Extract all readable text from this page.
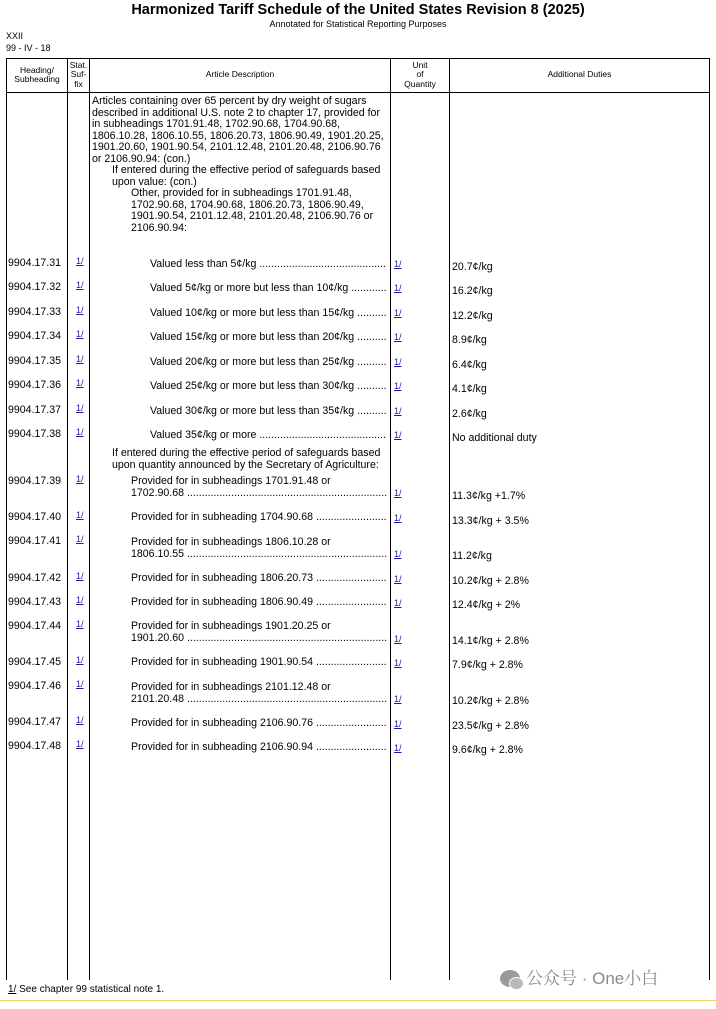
Harmonized Tariff Schedule of the United States Revision 8 (2025)
Annotated for Statistical Reporting Purposes
XXII
99 - IV - 18
Heading/
Subheading
Stat.
Suf-
fix
Article Description
Unit
of
Quantity
Additional Duties
Articles containing over 65 percent by dry weight of sugars
described in additional U.S. note 2 to chapter 17, provided for
in subheadings 1701.91.48, 1702.90.68, 1704.90.68,
1806.10.28, 1806.10.55, 1806.20.73, 1806.90.49, 1901.20.25,
1901.20.60, 1901.90.54, 2101.12.48, 2101.20.48, 2106.90.76
or 2106.90.94: (con.)
If entered during the effective period of safeguards based
upon value: (con.)
Other, provided for in subheadings 1701.91.48,
1702.90.68, 1704.90.68, 1806.20.73, 1806.90.49,
1901.90.54, 2101.12.48, 2101.20.48, 2106.90.76 or
2106.90.94:
9904.17.31 1/	Valued less than 5¢/kg .....	1/	20.7¢/kg
9904.17.32 1/	Valued 5¢/kg or more but less than 10¢/kg .....	1/	16.2¢/kg
9904.17.33 1/	Valued 10¢/kg or more but less than 15¢/kg .....	1/	12.2¢/kg
9904.17.34 1/	Valued 15¢/kg or more but less than 20¢/kg .....	1/	8.9¢/kg
9904.17.35 1/	Valued 20¢/kg or more but less than 25¢/kg .....	1/	6.4¢/kg
9904.17.36 1/	Valued 25¢/kg or more but less than 30¢/kg .....	1/	4.1¢/kg
9904.17.37 1/	Valued 30¢/kg or more but less than 35¢/kg .....	1/	2.6¢/kg
9904.17.38 1/	Valued 35¢/kg or more .....	1/	No additional duty
If entered during the effective period of safeguards based
upon quantity announced by the Secretary of Agriculture:
9904.17.39 1/	Provided for in subheadings 1701.91.48 or
1702.90.68 .....	1/	11.3¢/kg +1.7%
9904.17.40 1/	Provided for in subheading 1704.90.68 .....	1/	13.3¢/kg + 3.5%
9904.17.41 1/	Provided for in subheadings 1806.10.28 or
1806.10.55 .....	1/	11.2¢/kg
9904.17.42 1/	Provided for in subheading 1806.20.73 .....	1/	10.2¢/kg + 2.8%
9904.17.43 1/	Provided for in subheading 1806.90.49 .....	1/	12.4¢/kg + 2%
9904.17.44 1/	Provided for in subheadings 1901.20.25 or
1901.20.60 .....	1/	14.1¢/kg + 2.8%
9904.17.45 1/	Provided for in subheading 1901.90.54 .....	1/	7.9¢/kg + 2.8%
9904.17.46 1/	Provided for in subheadings 2101.12.48 or
2101.20.48 .....	1/	10.2¢/kg + 2.8%
9904.17.47 1/	Provided for in subheading 2106.90.76 .....	1/	23.5¢/kg + 2.8%
9904.17.48 1/	Provided for in subheading 2106.90.94 .....	1/	9.6¢/kg + 2.8%
1/ See chapter 99 statistical note 1.
公众号 · One小白
